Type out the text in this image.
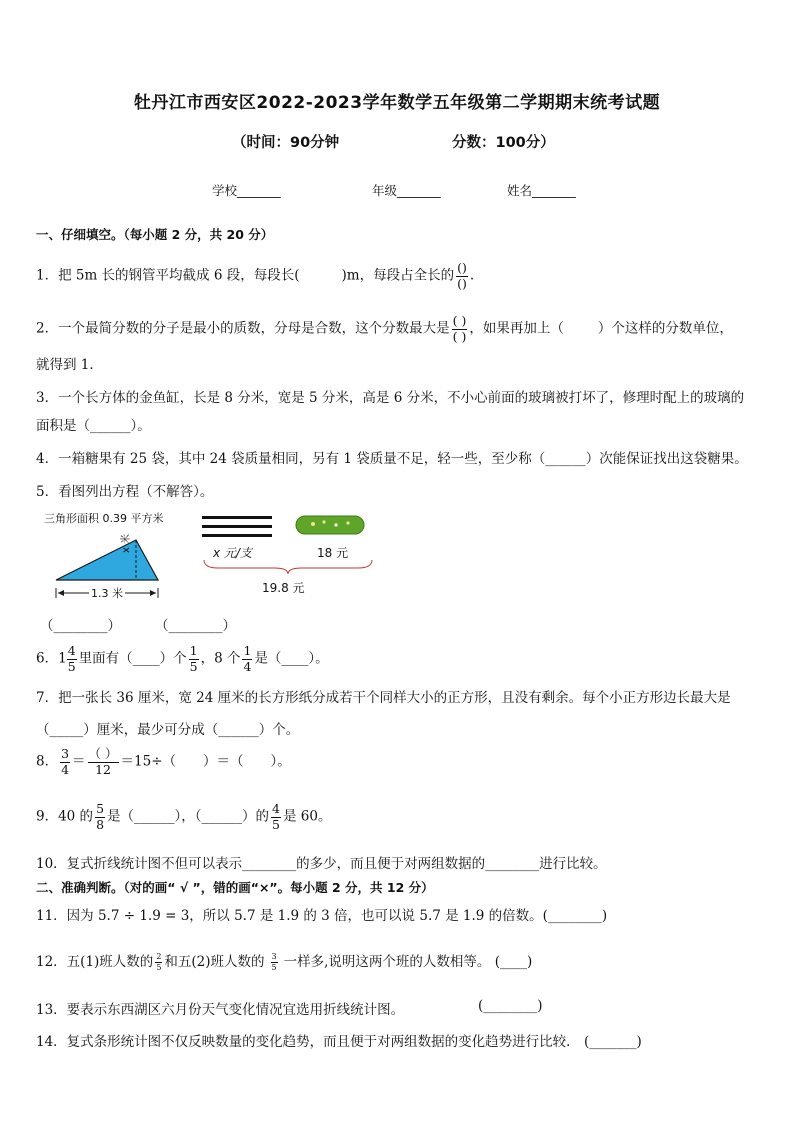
牡丹江市西安区2022-2023学年数学五年级第二学期期末统考试题
（时间：90分钟	分数：100分）
学校_______	年级_______	姓名_______
一、仔细填空。（每小题 2 分，共 20 分）
1．把 5m 长的钢管平均截成 6 段，每段长(	)m，每段占全长的 $\frac{()}{()}$ .
2．一个最简分数的分子是最小的质数，分母是合数，这个分数最大是 $\frac{( )}{( )}$ ，如果再加上（	）个这样的分数单位，
就得到 1．
3．一个长方体的金鱼缸，长是 8 分米，宽是 5 分米，高是 6 分米，不小心前面的玻璃被打坏了，修理时配上的玻璃的
面积是（______）。
4．一箱糖果有 25 袋，其中 24 袋质量相同，另有 1 袋质量不足，轻一些，至少称（______）次能保证找出这袋糖果。
5．看图列出方程（不解答）。
三角形面积 0.39 平方米
x 米
1.3 米
x 元/支	18 元
19.8 元
（________）	（________）
6．$1 \frac{4}{5}$ 里面有（____）个 $\frac{1}{5}$ ，8 个 $\frac{1}{4}$ 是（____）。
7．把一张长 36 厘米，宽 24 厘米的长方形纸分成若干个同样大小的正方形，且没有剩余。每个小正方形边长最大是
（_____）厘米，最少可分成（______）个。
8． $\frac{3}{4} = \frac{( )}{12} =15\div$（　　）＝（　　）。
9．40 的 $\frac{5}{8}$ 是（______），（______）的 $\frac{4}{5}$ 是 60。
10．复式折线统计图不但可以表示________的多少，而且便于对两组数据的________进行比较。
二、准确判断。（对的画“ √ ”，错的画“×”。每小题 2 分，共 12 分）
11．因为 5.7 ÷ 1.9 = 3，所以 5.7 是 1.9 的 3 倍，也可以说 5.7 是 1.9 的倍数。(________)
12．五(1)班人数的 $\frac{2}{5}$ 和五(2)班人数的 $\frac{3}{5}$ 一样多,说明这两个班的人数相等。 (____)
13．要表示东西湖区六月份天气变化情况宜选用折线统计图。	(________)
14．复式条形统计图不仅反映数量的变化趋势，而且便于对两组数据的变化趋势进行比较． (_______)
